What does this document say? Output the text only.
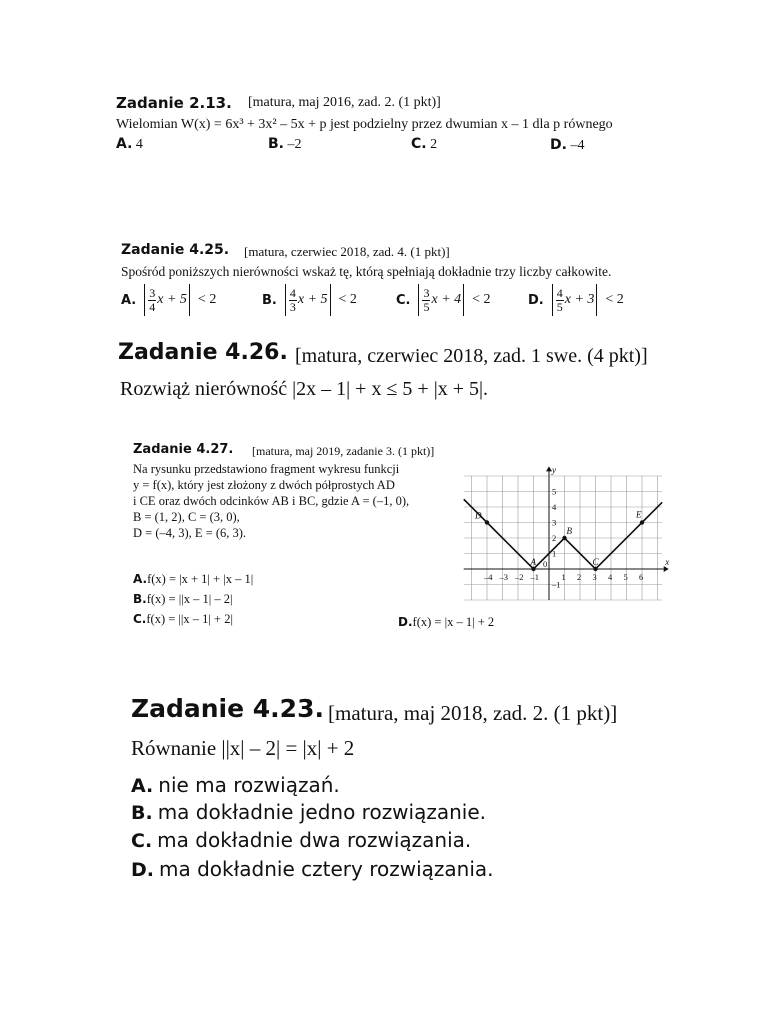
Zadanie 2.13. [matura, maj 2016, zad. 2. (1 pkt)]
Wielomian W(x) = 6x³ + 3x² – 5x + p jest podzielny przez dwumian x – 1 dla p równego
A. 4	B. –2	C. 2	D. –4
Zadanie 4.25. [matura, czerwiec 2018, zad. 4. (1 pkt)]
Spośród poniższych nierówności wskaż tę, którą spełniają dokładnie trzy liczby całkowite.
A. $\frac{3}{4}$ x + 5 < 2	B. $\frac{4}{3}$ x + 5 < 2	C. $\frac{3}{5}$ x + 4 < 2	D. $\frac{4}{5}$ x + 3 < 2
Zadanie 4.26. [matura, czerwiec 2018, zad. 1 swe. (4 pkt)]
Rozwiąż nierówność |2x – 1| + x ≤ 5 + |x + 5|.
Zadanie 4.27. [matura, maj 2019, zadanie 3. (1 pkt)]
Na rysunku przedstawiono fragment wykresu funkcji
y = f(x), który jest złożony z dwóch półprostych AD
i CE oraz dwóch odcinków AB i BC, gdzie A = (–1, 0),
B = (1, 2), C = (3, 0),
D = (–4, 3), E = (6, 3).
A.f(x) = |x + 1| + |x – 1|
B.f(x) = ||x – 1| – 2|
C.f(x) = ||x – 1| + 2|	D.f(x) = |x – 1| + 2
–4 –3 –2 –1
0
1 2 3 4 5 6
5
4
3
2
1
–1
x
y
A
B
C
D	E
Zadanie 4.23. [matura, maj 2018, zad. 2. (1 pkt)]
Równanie ||x| – 2| = |x| + 2
A. nie ma rozwiązań.
B. ma dokładnie jedno rozwiązanie.
C. ma dokładnie dwa rozwiązania.
D. ma dokładnie cztery rozwiązania.
